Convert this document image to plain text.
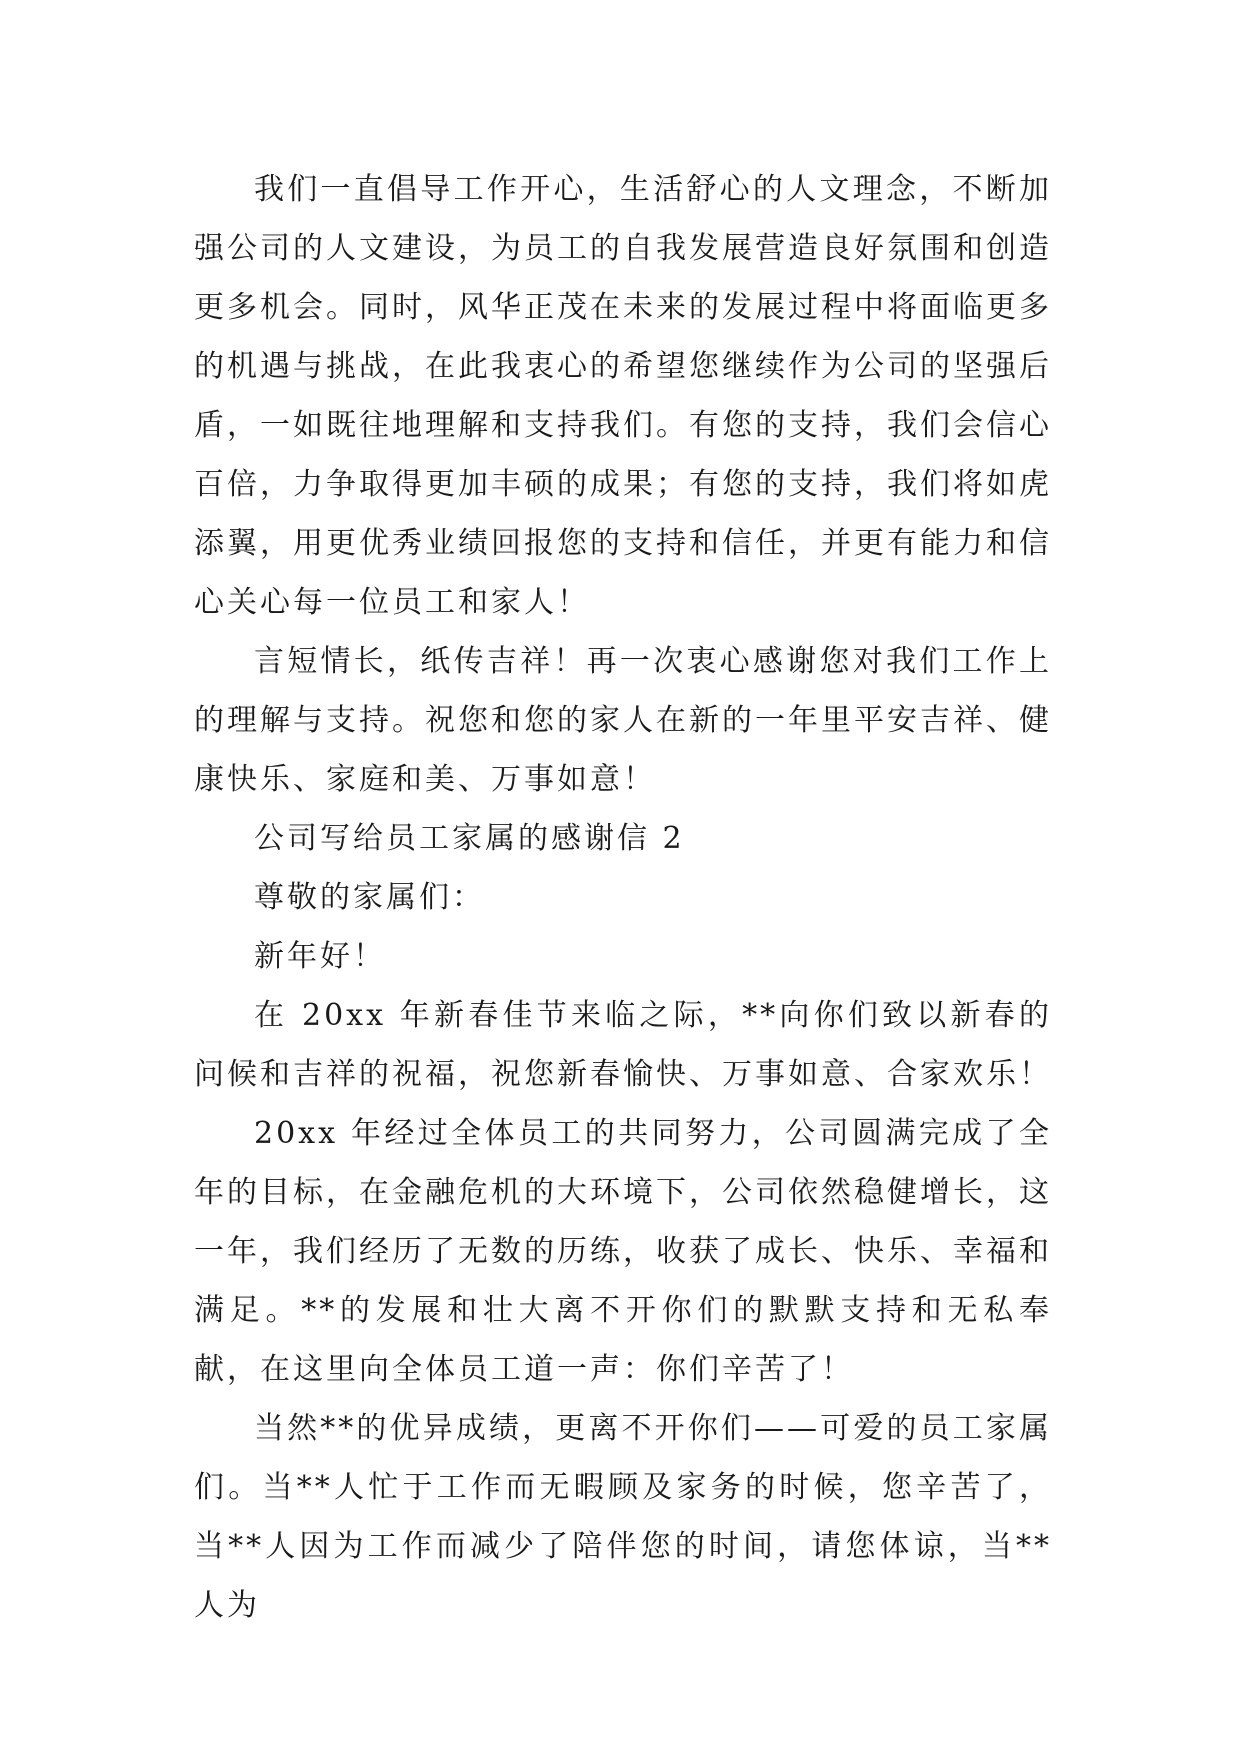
我们一直倡导工作开心，生活舒心的人文理念，不断加强公司的人文建设，为员工的自我发展营造良好氛围和创造更多机会。同时，风华正茂在未来的发展过程中将面临更多的机遇与挑战，在此我衷心的希望您继续作为公司的坚强后盾，一如既往地理解和支持我们。有您的支持，我们会信心百倍，力争取得更加丰硕的成果；有您的支持，我们将如虎添翼，用更优秀业绩回报您的支持和信任，并更有能力和信心关心每一位员工和家人！

言短情长，纸传吉祥！再一次衷心感谢您对我们工作上的理解与支持。祝您和您的家人在新的一年里平安吉祥、健康快乐、家庭和美、万事如意！

公司写给员工家属的感谢信 2

尊敬的家属们：

新年好！

在 20xx 年新春佳节来临之际，**向你们致以新春的问候和吉祥的祝福，祝您新春愉快、万事如意、合家欢乐！

20xx 年经过全体员工的共同努力，公司圆满完成了全年的目标，在金融危机的大环境下，公司依然稳健增长，这一年，我们经历了无数的历练，收获了成长、快乐、幸福和满足。**的发展和壮大离不开你们的默默支持和无私奉献，在这里向全体员工道一声：你们辛苦了！

当然**的优异成绩，更离不开你们——可爱的员工家属们。当**人忙于工作而无暇顾及家务的时候，您辛苦了，当**人因为工作而减少了陪伴您的时间，请您体谅，当**人为
